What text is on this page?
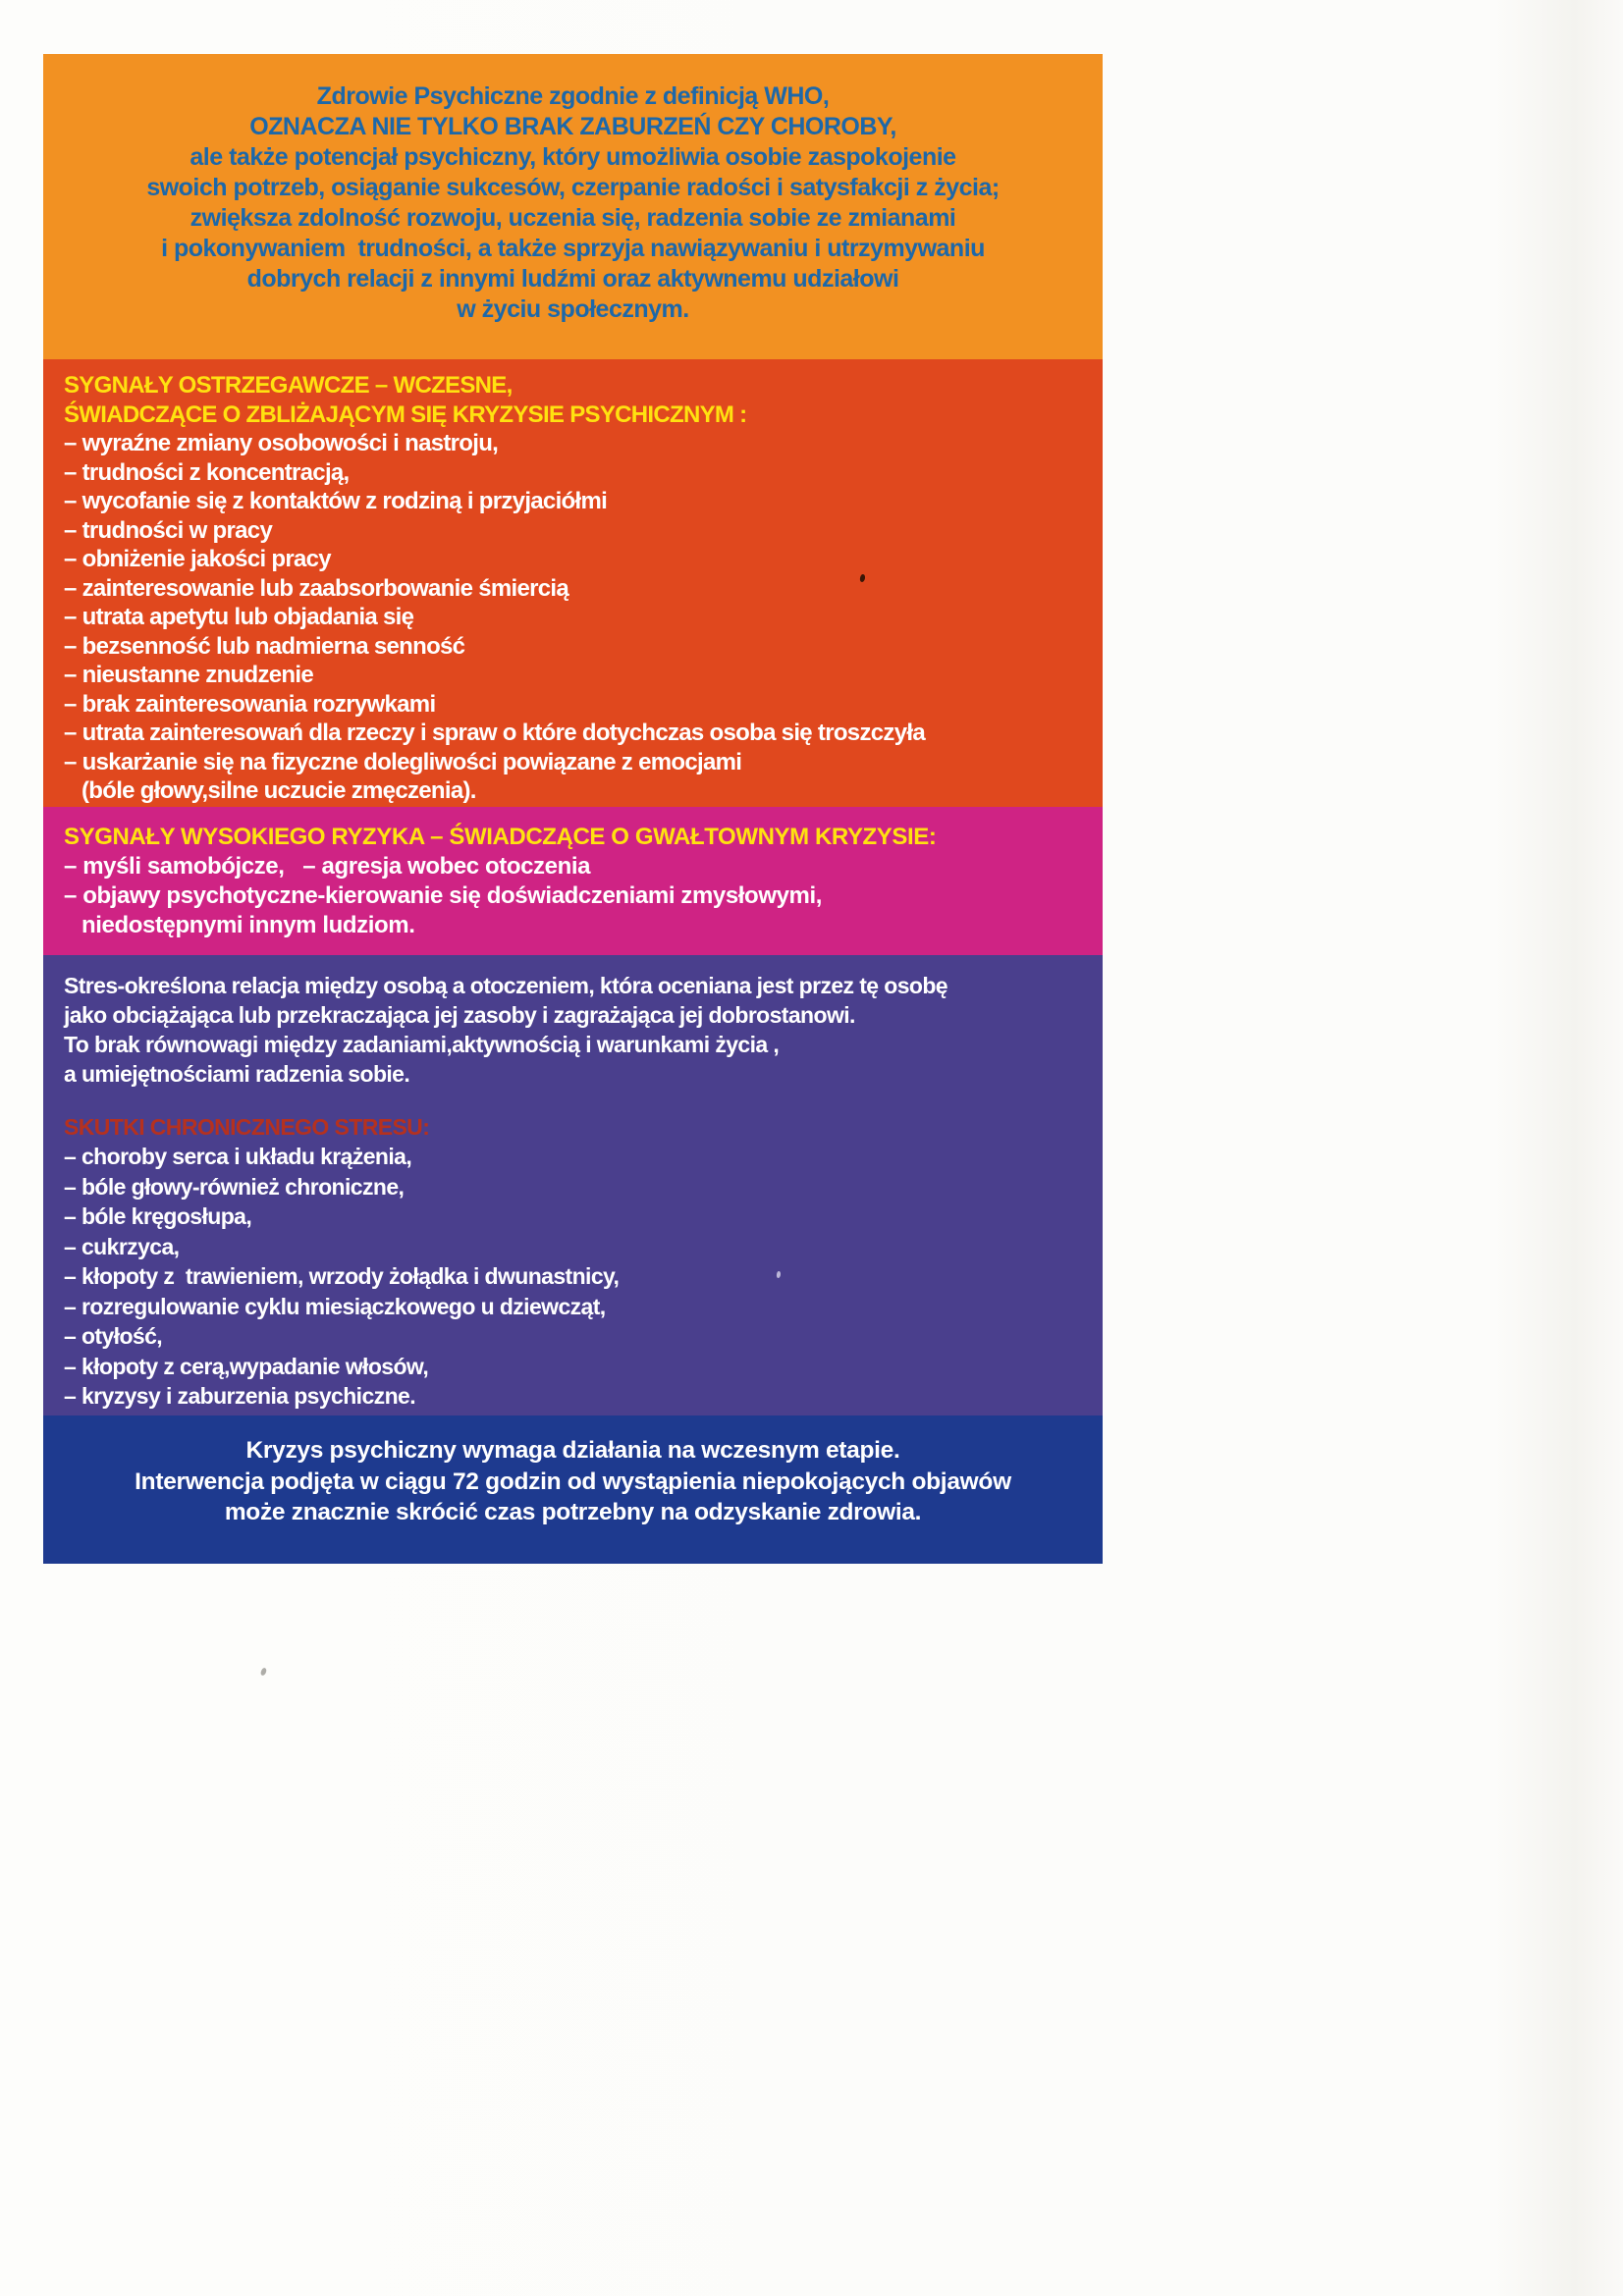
Zdrowie Psychiczne zgodnie z definicją WHO,
OZNACZA NIE TYLKO BRAK ZABURZEŃ CZY CHOROBY,
ale także potencjał psychiczny, który umożliwia osobie zaspokojenie
swoich potrzeb, osiąganie sukcesów, czerpanie radości i satysfakcji z życia;
zwiększa zdolność rozwoju, uczenia się, radzenia sobie ze zmianami
i pokonywaniem  trudności, a także sprzyja nawiązywaniu i utrzymywaniu
dobrych relacji z innymi ludźmi oraz aktywnemu udziałowi
w życiu społecznym.
SYGNAŁY OSTRZEGAWCZE – WCZESNE,
ŚWIADCZĄCE O ZBLIŻAJĄCYM SIĘ KRYZYSIE PSYCHICZNYM :
– wyraźne zmiany osobowości i nastroju,
– trudności z koncentracją,
– wycofanie się z kontaktów z rodziną i przyjaciółmi
– trudności w pracy
– obniżenie jakości pracy
– zainteresowanie lub zaabsorbowanie śmiercią
– utrata apetytu lub objadania się
– bezsenność lub nadmierna senność
– nieustanne znudzenie
– brak zainteresowania rozrywkami
– utrata zainteresowań dla rzeczy i spraw o które dotychczas osoba się troszczyła
– uskarżanie się na fizyczne dolegliwości powiązane z emocjami
(bóle głowy,silne uczucie zmęczenia).
SYGNAŁY WYSOKIEGO RYZYKA – ŚWIADCZĄCE O GWAŁTOWNYM KRYZYSIE:
– myśli samobójcze,   – agresja wobec otoczenia
– objawy psychotyczne-kierowanie się doświadczeniami zmysłowymi,
niedostępnymi innym ludziom.
Stres-określona relacja między osobą a otoczeniem, która oceniana jest przez tę osobę
jako obciążająca lub przekraczająca jej zasoby i zagrażająca jej dobrostanowi.
To brak równowagi między zadaniami,aktywnością i warunkami życia ,
a umiejętnościami radzenia sobie.
SKUTKI CHRONICZNEGO STRESU:
– choroby serca i układu krążenia,
– bóle głowy-również chroniczne,
– bóle kręgosłupa,
– cukrzyca,
– kłopoty z  trawieniem, wrzody żołądka i dwunastnicy,
– rozregulowanie cyklu miesiączkowego u dziewcząt,
– otyłość,
– kłopoty z cerą,wypadanie włosów,
– kryzysy i zaburzenia psychiczne.
Kryzys psychiczny wymaga działania na wczesnym etapie.
Interwencja podjęta w ciągu 72 godzin od wystąpienia niepokojących objawów
może znacznie skrócić czas potrzebny na odzyskanie zdrowia.
